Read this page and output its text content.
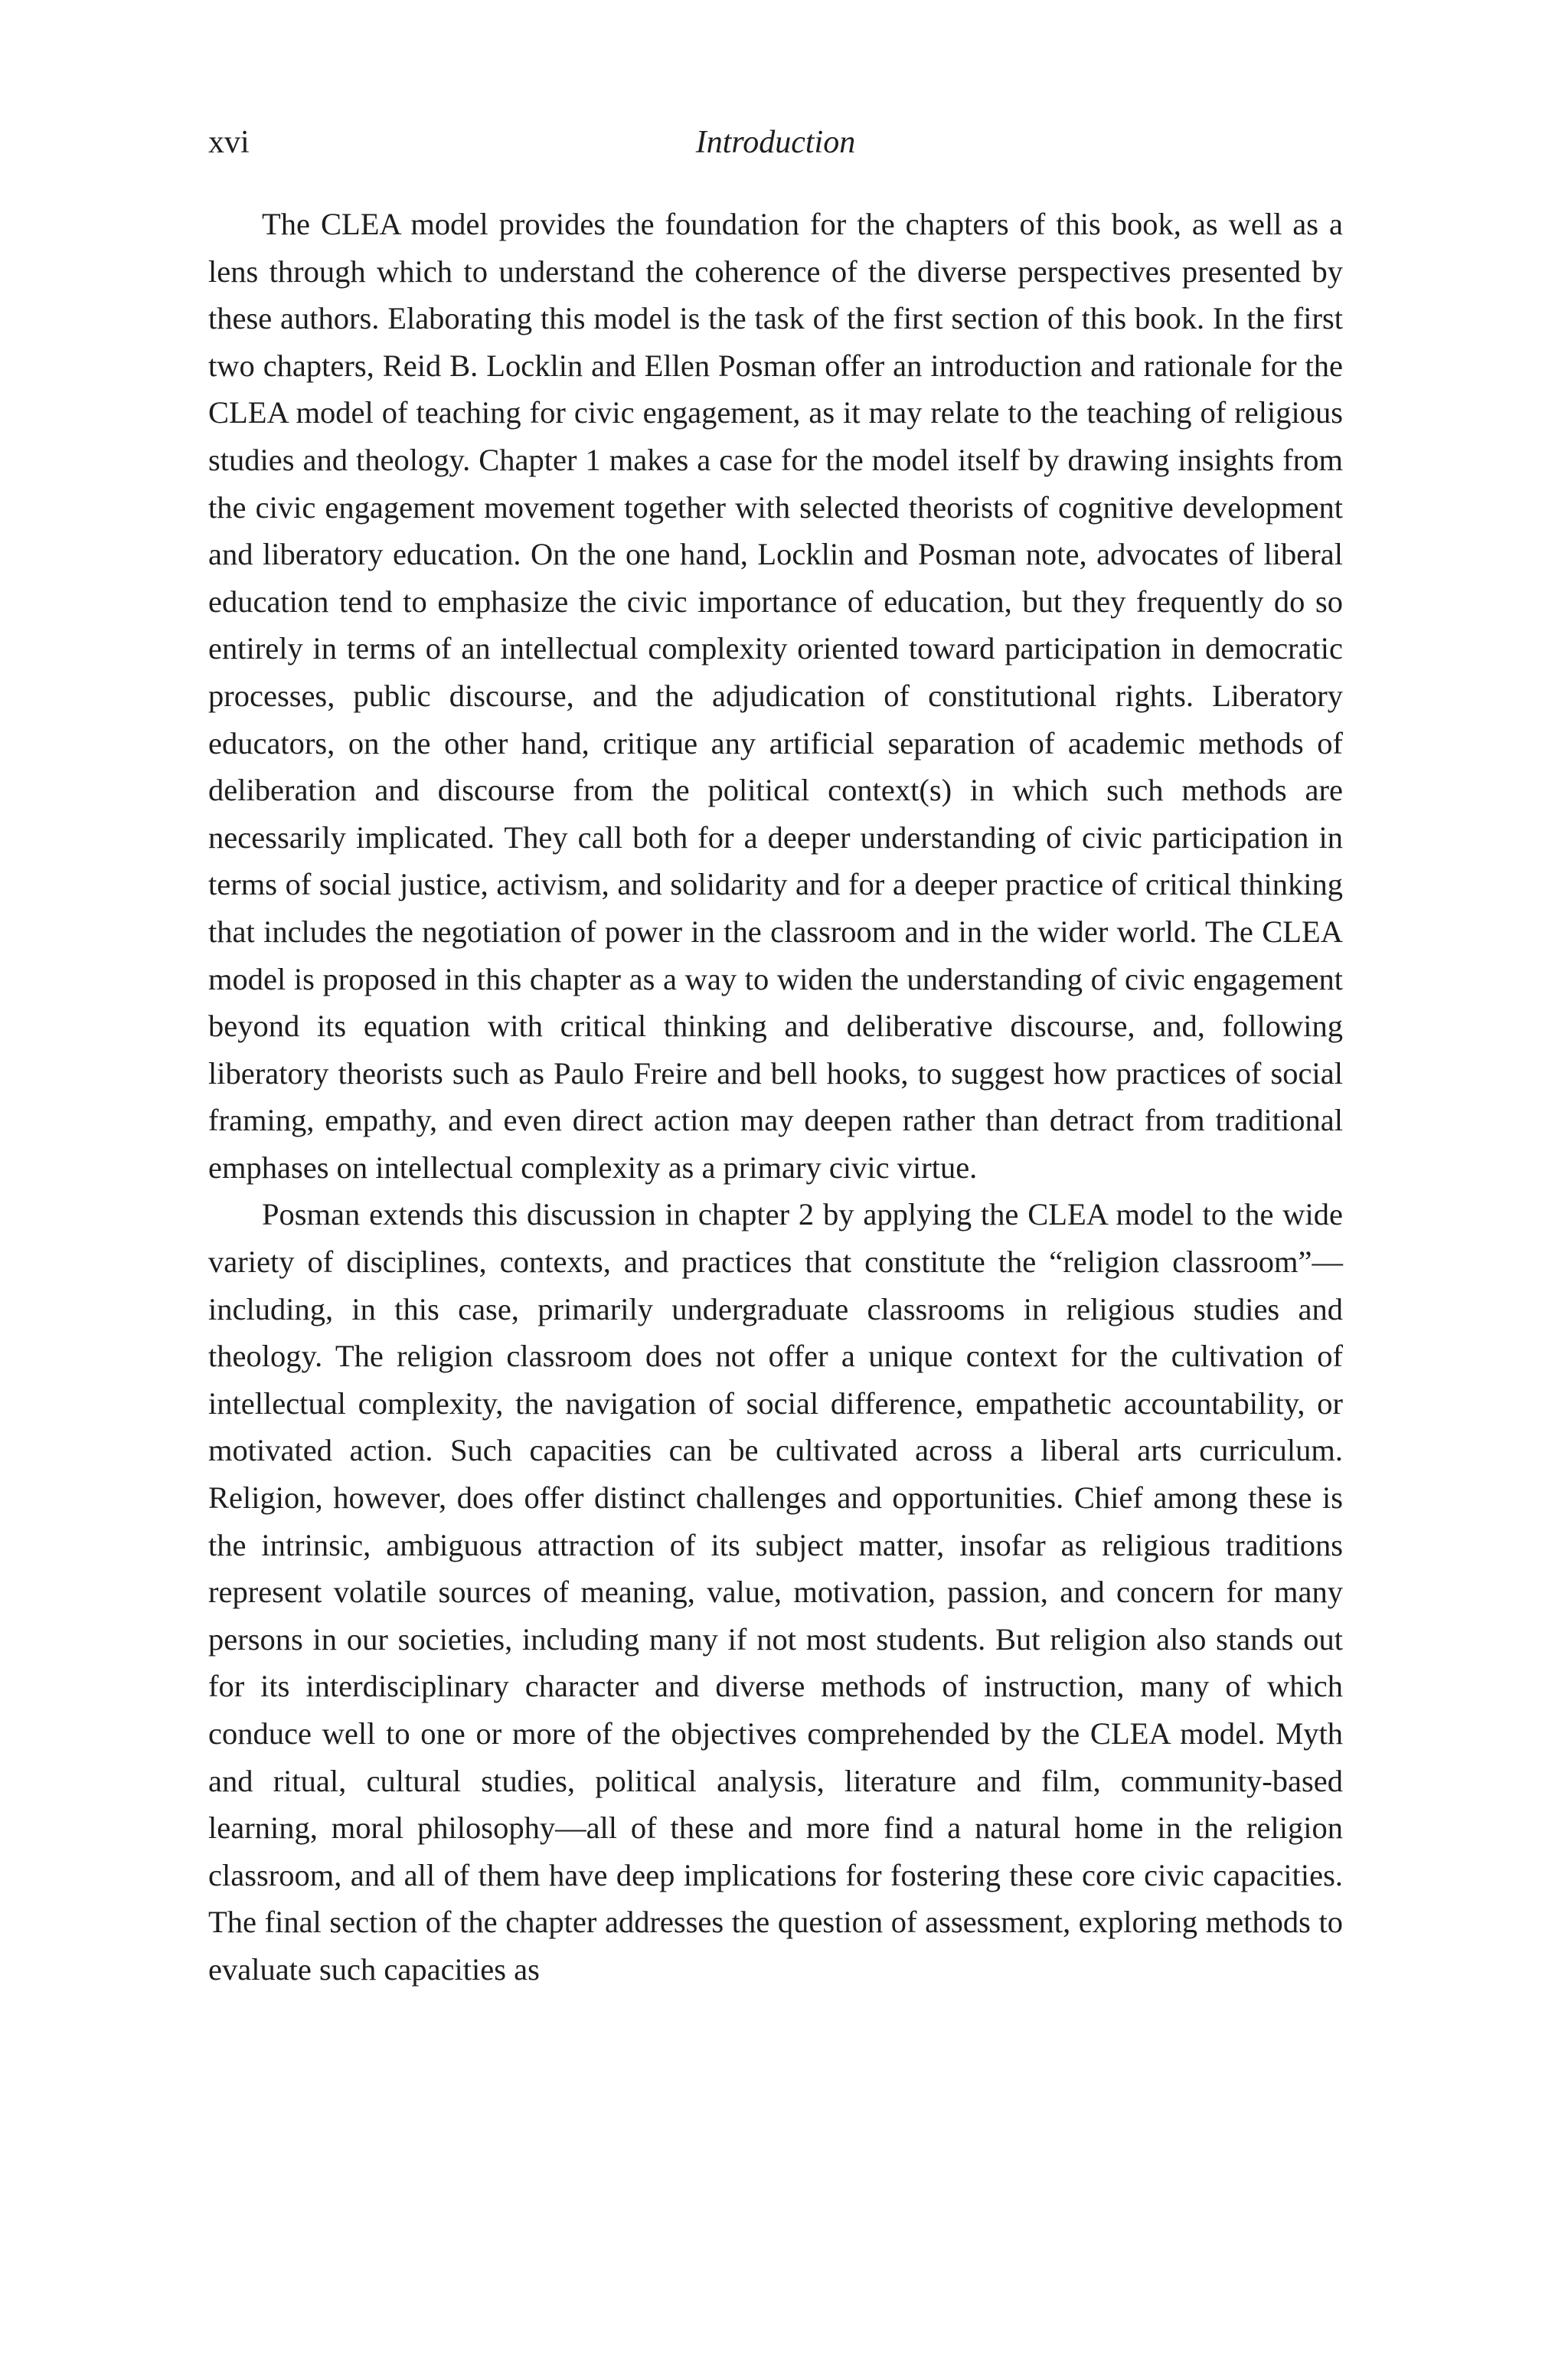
xvi	Introduction

The CLEA model provides the foundation for the chapters of this book, as well as a lens through which to understand the coherence of the diverse perspectives presented by these authors. Elaborating this model is the task of the first section of this book. In the first two chapters, Reid B. Locklin and Ellen Posman offer an introduction and rationale for the CLEA model of teaching for civic engagement, as it may relate to the teaching of religious studies and theology. Chapter 1 makes a case for the model itself by drawing insights from the civic engagement movement together with selected theorists of cognitive development and liberatory education. On the one hand, Locklin and Posman note, advocates of liberal education tend to emphasize the civic importance of education, but they frequently do so entirely in terms of an intellectual complexity oriented toward participation in democratic processes, public discourse, and the adjudication of constitutional rights. Liberatory educators, on the other hand, critique any artificial separation of academic methods of deliberation and discourse from the political context(s) in which such methods are necessarily implicated. They call both for a deeper understanding of civic participation in terms of social justice, activism, and solidarity and for a deeper practice of critical thinking that includes the negotiation of power in the classroom and in the wider world. The CLEA model is proposed in this chapter as a way to widen the understanding of civic engagement beyond its equation with critical thinking and deliberative discourse, and, following liberatory theorists such as Paulo Freire and bell hooks, to suggest how practices of social framing, empathy, and even direct action may deepen rather than detract from traditional emphases on intellectual complexity as a primary civic virtue.

Posman extends this discussion in chapter 2 by applying the CLEA model to the wide variety of disciplines, contexts, and practices that constitute the “religion classroom”—including, in this case, primarily undergraduate classrooms in religious studies and theology. The religion classroom does not offer a unique context for the cultivation of intellectual complexity, the navigation of social difference, empathetic accountability, or motivated action. Such capacities can be cultivated across a liberal arts curriculum. Religion, however, does offer distinct challenges and opportunities. Chief among these is the intrinsic, ambiguous attraction of its subject matter, insofar as religious traditions represent volatile sources of meaning, value, motivation, passion, and concern for many persons in our societies, including many if not most students. But religion also stands out for its interdisciplinary character and diverse methods of instruction, many of which conduce well to one or more of the objectives comprehended by the CLEA model. Myth and ritual, cultural studies, political analysis, literature and film, community-based learning, moral philosophy—all of these and more find a natural home in the religion classroom, and all of them have deep implications for fostering these core civic capacities. The final section of the chapter addresses the question of assessment, exploring methods to evaluate such capacities as
